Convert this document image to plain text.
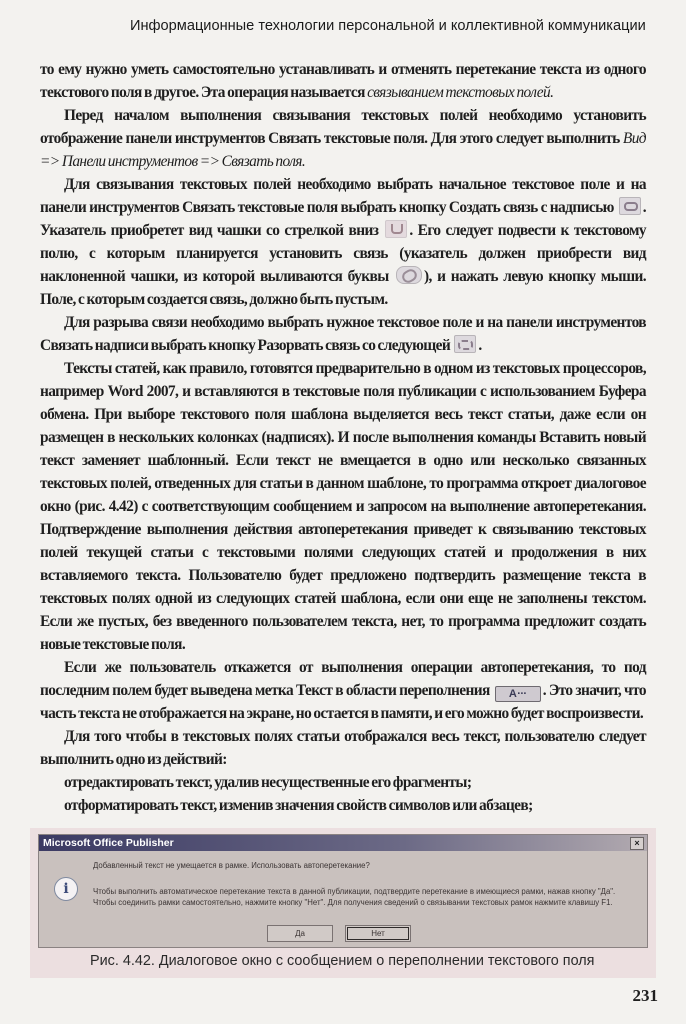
Информационные технологии персональной и коллективной коммуникации

то ему нужно уметь самостоятельно устанавливать и отменять перетекание текста из одного текстового поля в другое. Эта операция называется связыванием текстовых полей.

Перед началом выполнения связывания текстовых полей необходимо установить отображение панели инструментов Связать текстовые поля. Для этого следует выполнить Вид => Панели инструментов => Связать поля.

Для связывания текстовых полей необходимо выбрать начальное текстовое поле и на панели инструментов Связать текстовые поля выбрать кнопку Создать связь с надписью . Указатель приобретет вид чашки со стрелкой вниз . Его следует подвести к текстовому полю, с которым планируется установить связь (указатель должен приобрести вид наклоненной чашки, из которой выливаются буквы ), и нажать левую кнопку мыши. Поле, с которым создается связь, должно быть пустым.

Для разрыва связи необходимо выбрать нужное текстовое поле и на панели инструментов Связать надписи выбрать кнопку Разорвать связь со следующей .

Тексты статей, как правило, готовятся предварительно в одном из текстовых процессоров, например Word 2007, и вставляются в текстовые поля публикации с использованием Буфера обмена. При выборе текстового поля шаблона выделяется весь текст статьи, даже если он размещен в нескольких колонках (надписях). И после выполнения команды Вставить новый текст заменяет шаблонный. Если текст не вмещается в одно или несколько связанных текстовых полей, отведенных для статьи в данном шаблоне, то программа откроет диалоговое окно (рис. 4.42) с соответствующим сообщением и запросом на выполнение автоперетекания. Подтверждение выполнения действия автоперетекания приведет к связыванию текстовых полей текущей статьи с текстовыми полями следующих статей и продолжения в них вставляемого текста. Пользователю будет предложено подтвердить размещение текста в текстовых полях одной из следующих статей шаблона, если они еще не заполнены текстом. Если же пустых, без введенного пользователем текста, нет, то программа предложит создать новые текстовые поля.

Если же пользователь откажется от выполнения операции автоперетекания, то под последним полем будет выведена метка Текст в области переполнения A ··· . Это значит, что часть текста не отображается на экране, но остается в памяти, и его можно будет воспроизвести.

Для того чтобы в текстовых полях статьи отображался весь текст, пользователю следует выполнить одно из действий:

отредактировать текст, удалив несущественные его фрагменты;

отформатировать текст, изменив значения свойств символов или абзацев;

Microsoft Office Publisher	×
i
Добавленный текст не умещается в рамке. Использовать автоперетекание?
Чтобы выполнить автоматическое перетекание текста в данной публикации, подтвердите перетекание в имеющиеся рамки, нажав кнопку "Да". Чтобы соединить рамки самостоятельно, нажмите кнопку "Нет". Для получения сведений о связывании текстовых рамок нажмите клавишу F1.
Да	Нет
Рис. 4.42. Диалоговое окно с сообщением о переполнении текстового поля
231
